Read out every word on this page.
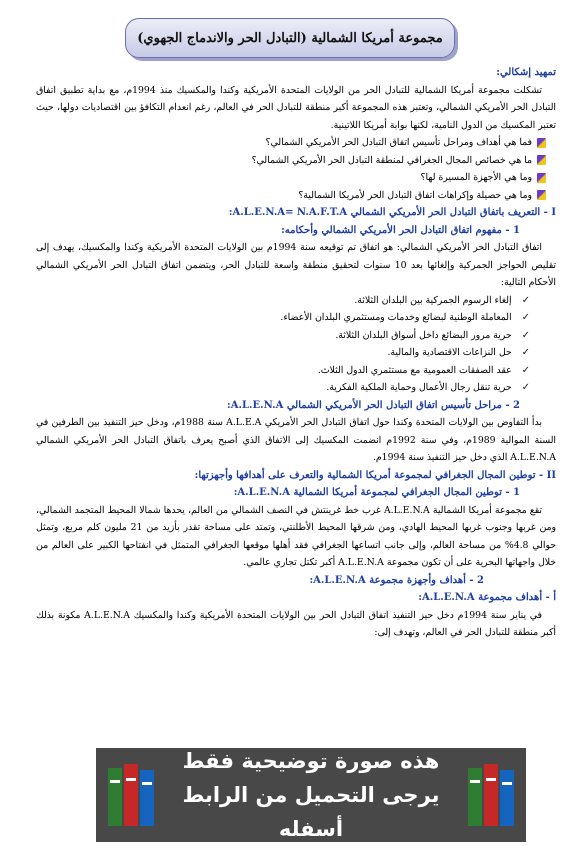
مجموعة أمريكا الشمالية (التبادل الحر والاندماج الجهوي)

تمهيد إشكالي:

تشكلت مجموعة أمريكا الشمالية للتبادل الحر من الولايات المتحدة الأمريكية وكندا والمكسيك منذ 1994م، مع بداية تطبيق اتفاق التبادل الحر الأمريكي الشمالي، وتعتبر هذه المجموعة أكبر منطقة للتبادل الحر في العالم، رغم انعدام التكافؤ بين اقتصاديات دولها، حيث تعتبر المكسيك من الدول النامية، لكنها بوابة أمريكا اللاتينية.

فما هي أهداف ومراحل تأسيس اتفاق التبادل الحر الأمريكي الشمالي؟
ما هي خصائص المجال الجغرافي لمنطقة التبادل الحر الأمريكي الشمالي؟
وما هي الأجهزة المسيرة لها؟
وما هي حصيلة وإكراهات اتفاق التبادل الحر لأمريكا الشمالية؟

I - التعريف باتفاق التبادل الحر الأمريكي الشمالي A.L.E.N.A= N.A.F.T.A:

1 - مفهوم اتفاق التبادل الحر الأمريكي الشمالي وأحكامه:

اتفاق التبادل الحر الأمريكي الشمالي: هو اتفاق تم توقيعه سنة 1994م بين الولايات المتحدة الأمريكية وكندا والمكسيك، يهدف إلى تقليص الحواجز الجمركية وإلغائها بعد 10 سنوات لتحقيق منطقة واسعة للتبادل الحر، ويتضمن اتفاق التبادل الحر الأمريكي الشمالي الأحكام التالية:

✓
إلغاء الرسوم الجمركية بين البلدان الثلاثة.
✓
المعاملة الوطنية لبضائع وخدمات ومستثمري البلدان الأعضاء.
✓
حرية مرور البضائع داخل أسواق البلدان الثلاثة.
✓
حل النزاعات الاقتصادية والمالية.
✓
عقد الصفقات العمومية مع مستثمري الدول الثلاث.
✓
حرية تنقل رجال الأعمال وحماية الملكية الفكرية.

2 - مراحل تأسيس اتفاق التبادل الحر الأمريكي الشمالي A.L.E.N.A:

بدأ التفاوض بين الولايات المتحدة وكندا حول اتفاق التبادل الحر الأمريكي A.L.E.A سنة 1988م، ودخل حيز التنفيذ بين الطرفين في السنة الموالية 1989م، وفي سنة 1992م انضمت المكسيك إلى الاتفاق الذي أصبح يعرف باتفاق التبادل الحر الأمريكي الشمالي A.L.E.N.A الذي دخل حيز التنفيذ سنة 1994م.

II - توطين المجال الجغرافي لمجموعة أمريكا الشمالية والتعرف على أهدافها وأجهزتها:

1 - توطين المجال الجغرافي لمجموعة أمريكا الشمالية A.L.E.N.A:

تقع مجموعة أمريكا الشمالية A.L.E.N.A غرب خط غرينتش في النصف الشمالي من العالم، يحدها شمالا المحيط المتجمد الشمالي، ومن غربها وجنوب غربها المحيط الهادي، ومن شرقها المحيط الأطلنتي، وتمتد على مساحة تقدر بأزيد من 21 مليون كلم مربع، وتمثل حوالي 4.8% من مساحة العالم، وإلى جانب اتساعها الجغرافي فقد أهلها موقعها الجغرافي المتمثل في انفتاحها الكبير على العالم من خلال واجهاتها البحرية على أن تكون مجموعة A.L.E.N.A أكبر تكتل تجاري عالمي.

2 - أهداف وأجهزة مجموعة A.L.E.N.A:

أ - أهداف مجموعة A.L.E.N.A:

في يناير سنة 1994م دخل حيز التنفيذ اتفاق التبادل الحر بين الولايات المتحدة الأمريكية وكندا والمكسيك A.L.E.N.A مكونة بذلك أكبر منطقة للتبادل الحر في العالم، وتهدف إلى:

هذه صورة توضيحية فقط
يرجى التحميل من الرابط أسفله
